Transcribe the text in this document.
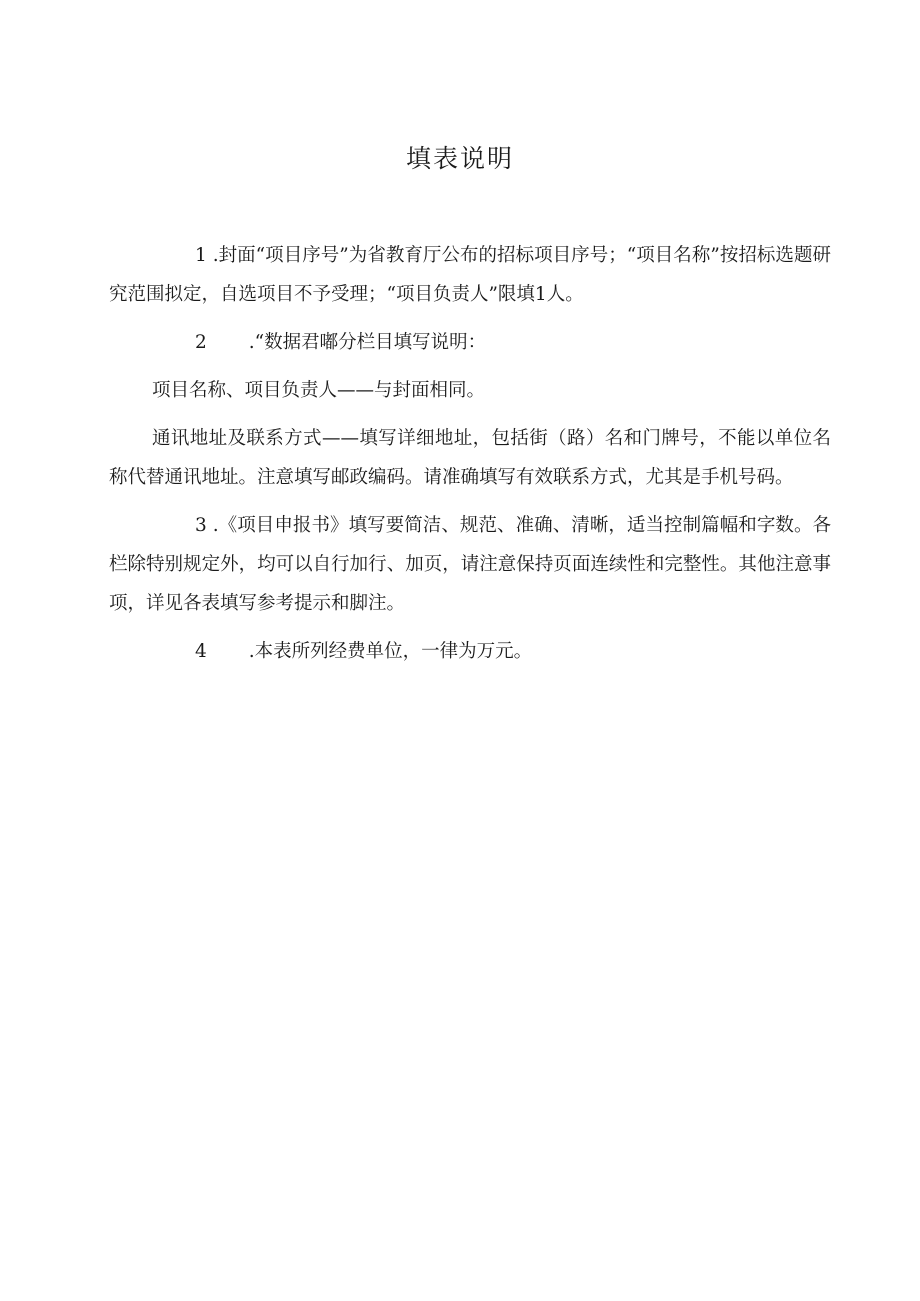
填表说明

1 .封面“项目序号”为省教育厅公布的招标项目序号；“项目名称”按招标选题研究范围拟定，自选项目不予受理；“项目负责人”限填1人。

2 .“数据君嘟分栏目填写说明：

项目名称、项目负责人——与封面相同。

通讯地址及联系方式——填写详细地址，包括街（路）名和门牌号，不能以单位名称代替通讯地址。注意填写邮政编码。请准确填写有效联系方式，尤其是手机号码。

3 .《项目申报书》填写要简洁、规范、准确、清晰，适当控制篇幅和字数。各栏除特别规定外，均可以自行加行、加页，请注意保持页面连续性和完整性。其他注意事项，详见各表填写参考提示和脚注。

4 .本表所列经费单位，一律为万元。
